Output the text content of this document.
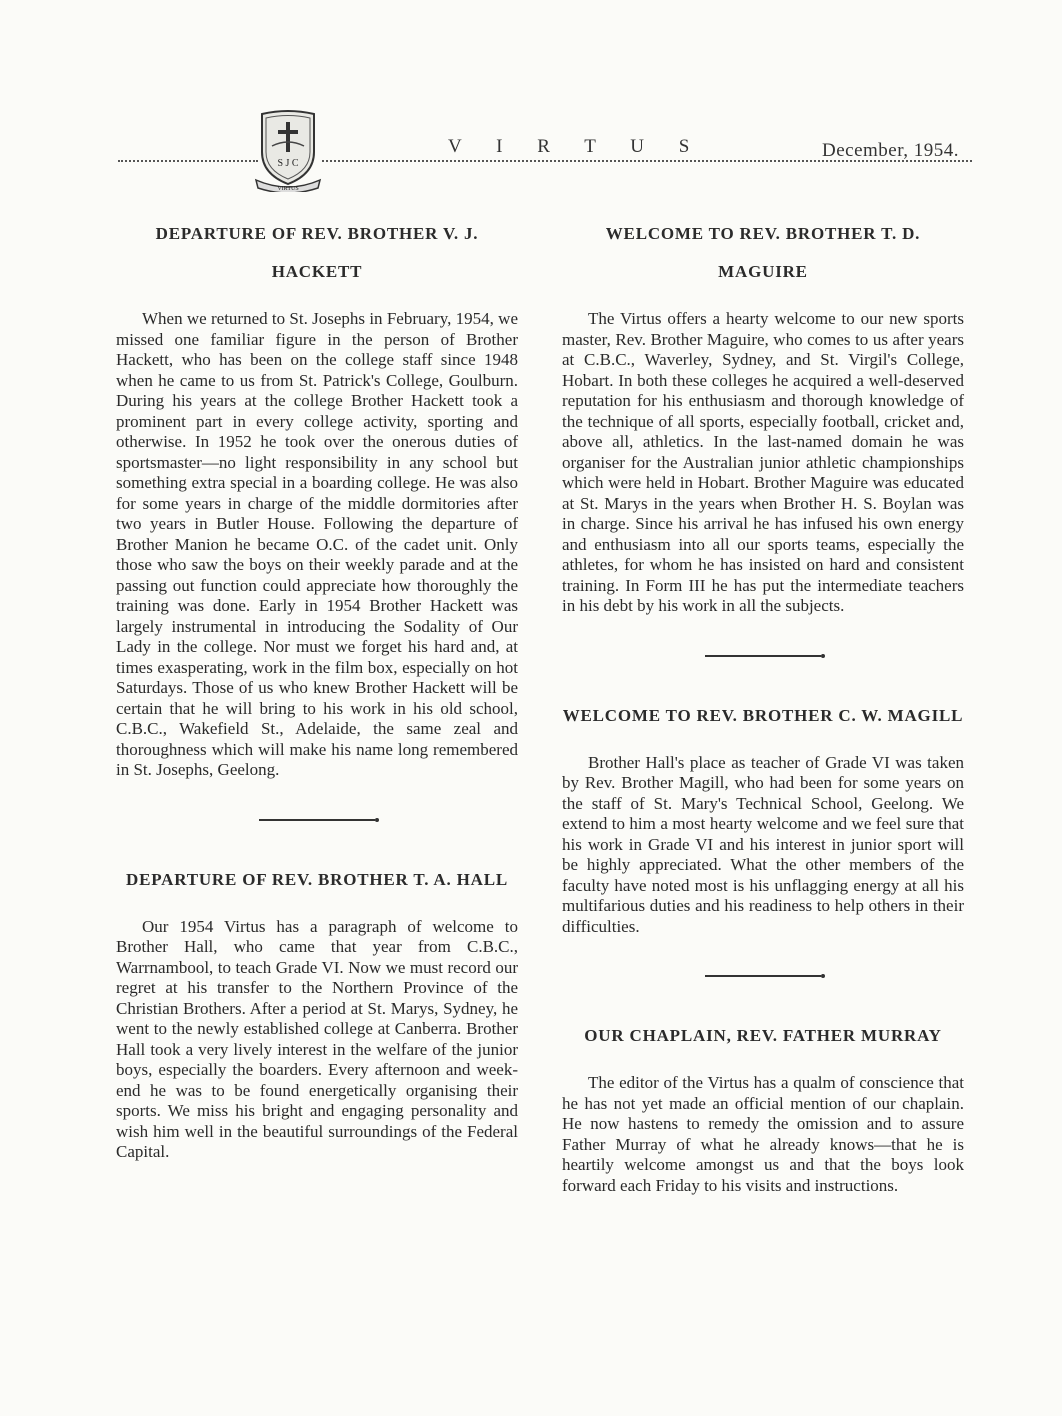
S J C
VIRTUS
V I R T U S	December, 1954.
DEPARTURE OF REV. BROTHER V. J. HACKETT

When we returned to St. Josephs in February, 1954, we missed one familiar figure in the person of Brother Hackett, who has been on the college staff since 1948 when he came to us from St. Patrick's College, Goulburn. During his years at the college Brother Hackett took a prominent part in every college activity, sporting and otherwise. In 1952 he took over the onerous duties of sportsmaster—no light responsibility in any school but something extra special in a boarding college. He was also for some years in charge of the middle dormitories after two years in Butler House. Following the departure of Brother Manion he became O.C. of the cadet unit. Only those who saw the boys on their weekly parade and at the passing out function could appreciate how thoroughly the training was done. Early in 1954 Brother Hackett was largely instrumental in introducing the Sodality of Our Lady in the college. Nor must we forget his hard and, at times exasperating, work in the film box, especially on hot Saturdays. Those of us who knew Brother Hackett will be certain that he will bring to his work in his old school, C.B.C., Wakefield St., Adelaide, the same zeal and thoroughness which will make his name long remembered in St. Josephs, Geelong.

DEPARTURE OF REV. BROTHER T. A. HALL

Our 1954 Virtus has a paragraph of welcome to Brother Hall, who came that year from C.B.C., Warrnambool, to teach Grade VI. Now we must record our regret at his transfer to the Northern Province of the Christian Brothers. After a period at St. Marys, Sydney, he went to the newly established college at Canberra. Brother Hall took a very lively interest in the welfare of the junior boys, especially the boarders. Every afternoon and week-end he was to be found energetically organising their sports. We miss his bright and engaging personality and wish him well in the beautiful surroundings of the Federal Capital.

WELCOME TO REV. BROTHER T. D. MAGUIRE

The Virtus offers a hearty welcome to our new sports master, Rev. Brother Maguire, who comes to us after years at C.B.C., Waverley, Sydney, and St. Virgil's College, Hobart. In both these colleges he acquired a well-deserved reputation for his enthusiasm and thorough knowledge of the technique of all sports, especially football, cricket and, above all, athletics. In the last-named domain he was organiser for the Australian junior athletic championships which were held in Hobart. Brother Maguire was educated at St. Marys in the years when Brother H. S. Boylan was in charge. Since his arrival he has infused his own energy and enthusiasm into all our sports teams, especially the athletes, for whom he has insisted on hard and consistent training. In Form III he has put the intermediate teachers in his debt by his work in all the subjects.

WELCOME TO REV. BROTHER C. W. MAGILL

Brother Hall's place as teacher of Grade VI was taken by Rev. Brother Magill, who had been for some years on the staff of St. Mary's Technical School, Geelong. We extend to him a most hearty welcome and we feel sure that his work in Grade VI and his interest in junior sport will be highly appreciated. What the other members of the faculty have noted most is his unflagging energy at all his multifarious duties and his readiness to help others in their difficulties.

OUR CHAPLAIN, REV. FATHER MURRAY

The editor of the Virtus has a qualm of conscience that he has not yet made an official mention of our chaplain. He now hastens to remedy the omission and to assure Father Murray of what he already knows—that he is heartily welcome amongst us and that the boys look forward each Friday to his visits and instructions.
